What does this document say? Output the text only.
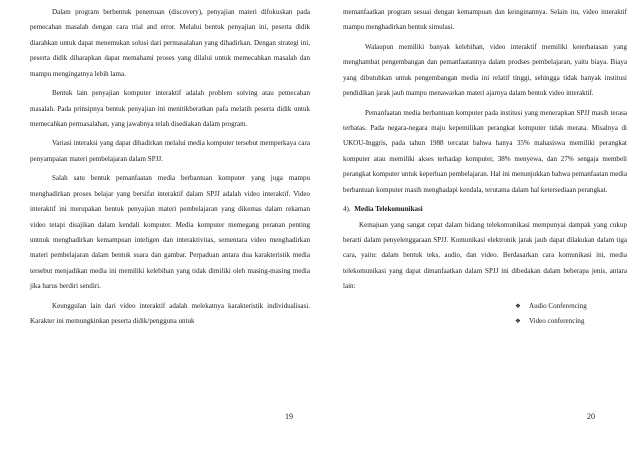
Dalam program berbentuk penemuan (discovery), penyajian materi difokuskan pada pemecahan masalah dengan cara trial and error. Melalui bentuk penyajian ini, peserta didik diarahkan untuk dapat menemukan solusi dari permasalahan yang dihadirkan. Dengan strategi ini, peserta didik diharapkan dapat memahami proses yang dilalui untuk memecahkan masalah dan mampu mengingatnya lebih lama.

Bentuk lain penyajian komputer interaktif adalah problem solving atau pemecahan masalah. Pada prinsipnya bentuk penyajian ini menitikberatkan pafa melatih peserta didik untuk memecahkan permasalahan, yang jawabnya telah disediakan dalam program.

Variasi interaksi yang dapat dihadirkan melalui media komputer tersebut memperkaya cara penyampaian materi pembelajaran dalam SPJJ.

Salah satu bentuk pemanfaatan media berbantuan komputer yang juga mampu menghadirkan proses belajar yang bersifat interaktif dalam SPJJ adalah video interaktif. Video interaktif ini merupakan bentuk penyajian materi pembelajaran yang dikemas dalam rekaman video tetapi disajikan dalam kendali komputer. Media komputer memegang peranan penting untnuk menghadirkan kemampuan inteligen dan interaktivitas, sementara video menghadirkan materi pembelajaran dalam bentuk suara dan gambar. Perpaduan antara dua karakteristik media tersebut menjadikan media ini memiliki kelebihan yang tidak dimiliki oleh masing-masing media jika harus berdiri sendiri.

Keunggulan lain dari video interaktif adalah melekatnya karakteristik individualisasi. Karakter ini memungkinkan peserta didik/pengguna untuk

19

memanfaatkan program sesuai dengan kemampuan dan keinginannya. Selain itu, video interaktif mampu menghadirkan bentuk simulasi.

Walaupun memiliki banyak kelebihan, video interaktif memiliki keterbatasan yang menghambat pengembangan dan pemanfaatannya dalam prodses pembelajaran, yaitu biaya. Biaya yang dibutuhkan untuk pengembangan media ini relatif tinggi, sehingga tidak banyak institusi pendidikan jarak jauh mampu menawarkan materi ajarnya dalam bentuk video interaktif.

Pemanfaatan media berbantuan komputer pada institusi yang menerapkan SPJJ masih terasa terbatas. Pada negara-negara maju kepemilikan perangkat komputer tidak merata. Misalnya di UKOU-Inggris, pada tahun 1988 tercatat bahwa hanya 35% mahasiswa memiliki perangkat komputer atau memiliki akses terhadap komputer, 38% menyewa, dan 27% sengaja membeli perangkat komputer untuk keperluan pembelajaran. Hal ini menunjukkan bahwa pemanfaatan media berbantuan komputer masih menghadapi kendala, terutama dalam hal ketersediaan perangkat.

4). Media Telekomunikasi

Kemajuan yang sangat cepat dalam bidang telekomunikasi mempunyai dampak yang cukup berarti dalam penyelenggaraan SPJJ. Komunikasi elektronik jarak jauh dapat dilakukan dalam tiga cara, yaitu: dalam bentuk teks, audio, dan video. Berdasarkan cara komunikasi ini, media telekomunikasi yang dapat dimanfaatkan dalam SPJJ ini dibedakan dalam beberapa jenis, antara lain:

❖ Audio Conferencing
❖ Video conferencing
20
